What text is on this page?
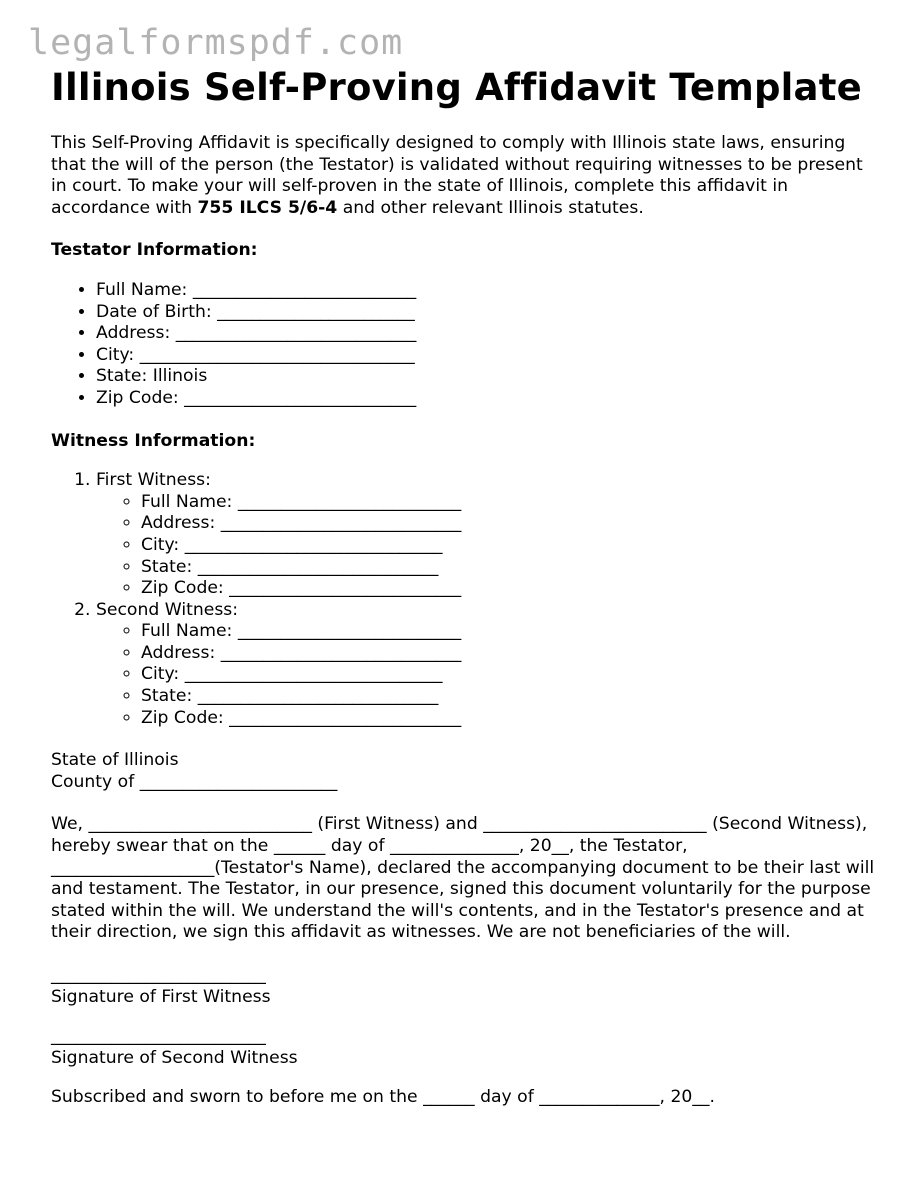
legalformspdf.com
Illinois Self-Proving Affidavit Template

This Self-Proving Affidavit is specifically designed to comply with Illinois state laws, ensuring that the will of the person (the Testator) is validated without requiring witnesses to be present in court. To make your will self-proven in the state of Illinois, complete this affidavit in accordance with 755 ILCS 5/6-4 and other relevant Illinois statutes.

Testator Information:

• Full Name: __________________________
• Date of Birth: _______________________
• Address: ____________________________
• City: ________________________________
• State: Illinois
• Zip Code: ___________________________

Witness Information:

1. First Witness:
◦ Full Name: __________________________
◦ Address: ____________________________
◦ City: ______________________________
◦ State: ____________________________
◦ Zip Code: ___________________________
2. Second Witness:
◦ Full Name: __________________________
◦ Address: ____________________________
◦ City: ______________________________
◦ State: ____________________________
◦ Zip Code: ___________________________

State of Illinois

County of _______________________

We, __________________________ (First Witness) and __________________________ (Second Witness), hereby swear that on the ______ day of _______________, 20__, the Testator, ___________________(Testator's Name), declared the accompanying document to be their last will and testament. The Testator, in our presence, signed this document voluntarily for the purpose stated within the will. We understand the will's contents, and in the Testator's presence and at their direction, we sign this affidavit as witnesses. We are not beneficiaries of the will.

_________________________

Signature of First Witness

_________________________

Signature of Second Witness

Subscribed and sworn to before me on the ______ day of ______________, 20__.
